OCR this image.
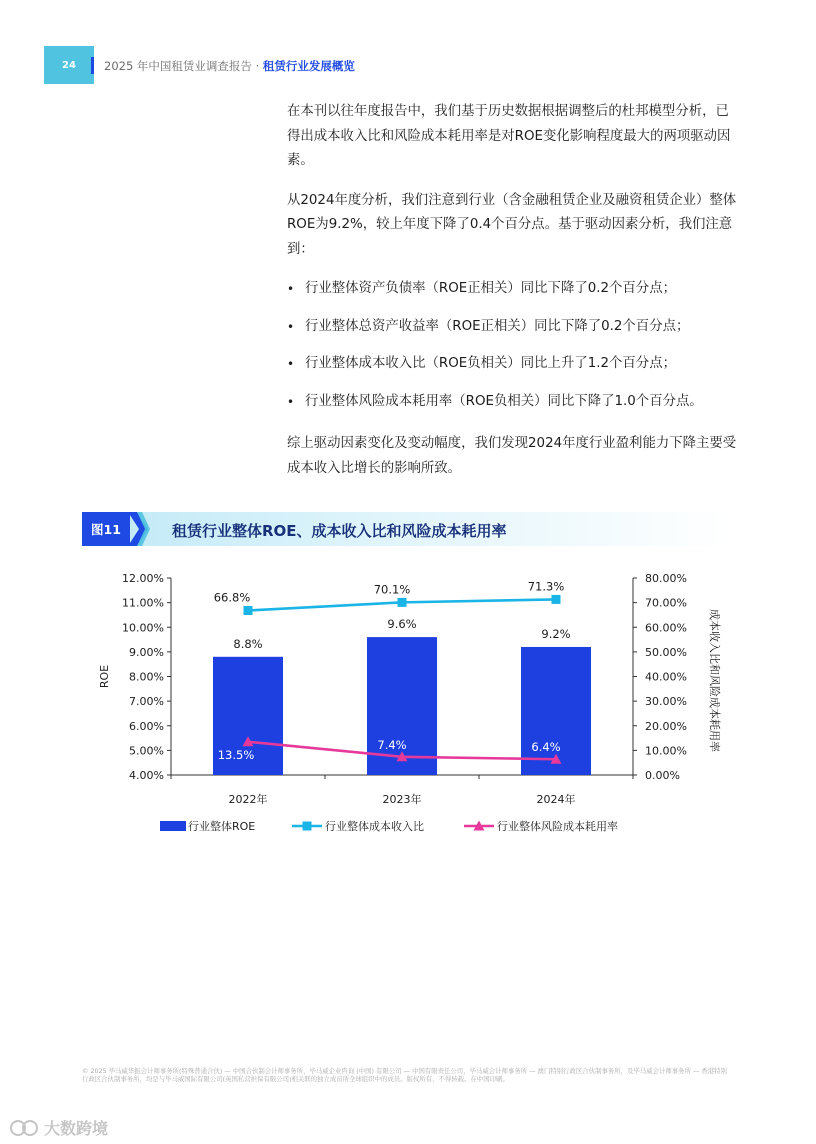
24 2025 年中国租赁业调查报告 · 租赁行业发展概览

在本刊以往年度报告中，我们基于历史数据根据调整后的杜邦模型分析，已得出成本收入比和风险成本耗用率是对ROE变化影响程度最大的两项驱动因素。

从2024年度分析，我们注意到行业（含金融租赁企业及融资租赁企业）整体ROE为9.2%，较上年度下降了0.4个百分点。基于驱动因素分析，我们注意到：

• 行业整体资产负债率（ROE正相关）同比下降了0.2个百分点；
• 行业整体总资产收益率（ROE正相关）同比下降了0.2个百分点；
• 行业整体成本收入比（ROE负相关）同比上升了1.2个百分点；
• 行业整体风险成本耗用率（ROE负相关）同比下降了1.0个百分点。

综上驱动因素变化及变动幅度，我们发现2024年度行业盈利能力下降主要受成本收入比增长的影响所致。

图11	租赁行业整体ROE、成本收入比和风险成本耗用率
4.00%
5.00%
6.00%
7.00%
8.00%
9.00%
10.00%
11.00%
12.00%
0.00%
10.00%
20.00%
30.00%
40.00%
50.00%
60.00%
70.00%
80.00%
2022年	2023年	2024年
ROE	成本收入比和风险成本耗用率
8.8%
9.6%
9.2%
66.8%
70.1%	71.3%
13.5%
7.4%	6.4%
行业整体ROE	行业整体成本收入比	行业整体风险成本耗用率
© 2025 毕马威华振会计师事务所(特殊普通合伙) — 中国合伙制会计师事务所，毕马威企业咨询 (中国) 有限公司 — 中国有限责任公司，毕马威会计师事务所 — 澳门特别行政区合伙制事务所，及毕马威会计师事务所 — 香港特别行政区合伙制事务所，均是与毕马威国际有限公司(英国私营担保有限公司)相关联的独立成员所全球组织中的成员。版权所有，不得转载。在中国印刷。
大数跨境
